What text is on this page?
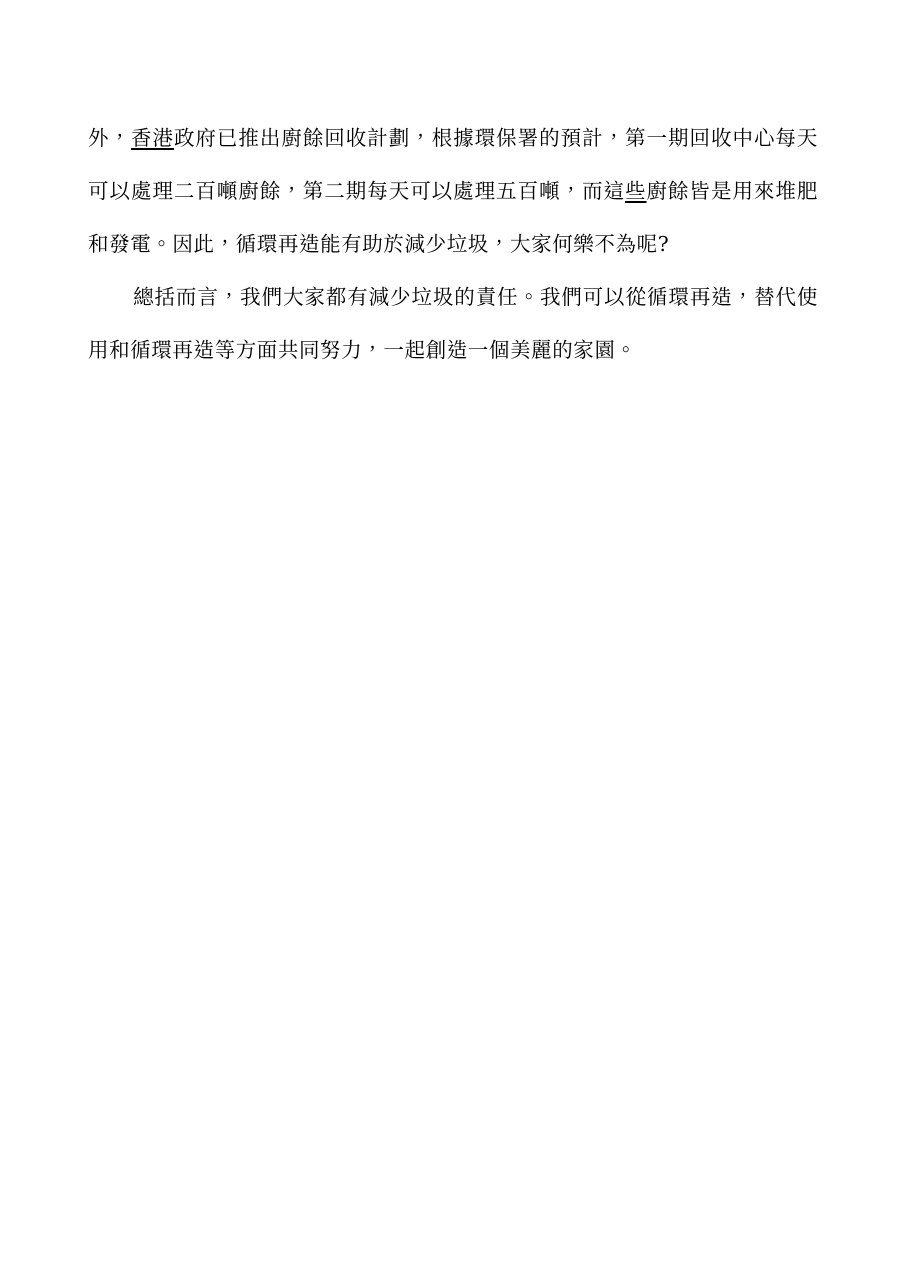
外，香港政府已推出廚餘回收計劃，根據環保署的預計，第一期回收中心每天可以處理二百噸廚餘，第二期每天可以處理五百噸，而這些廚餘皆是用來堆肥和發電。因此，循環再造能有助於減少垃圾，大家何樂不為呢?

總括而言，我們大家都有減少垃圾的責任。我們可以從循環再造，替代使用和循環再造等方面共同努力，一起創造一個美麗的家園。
